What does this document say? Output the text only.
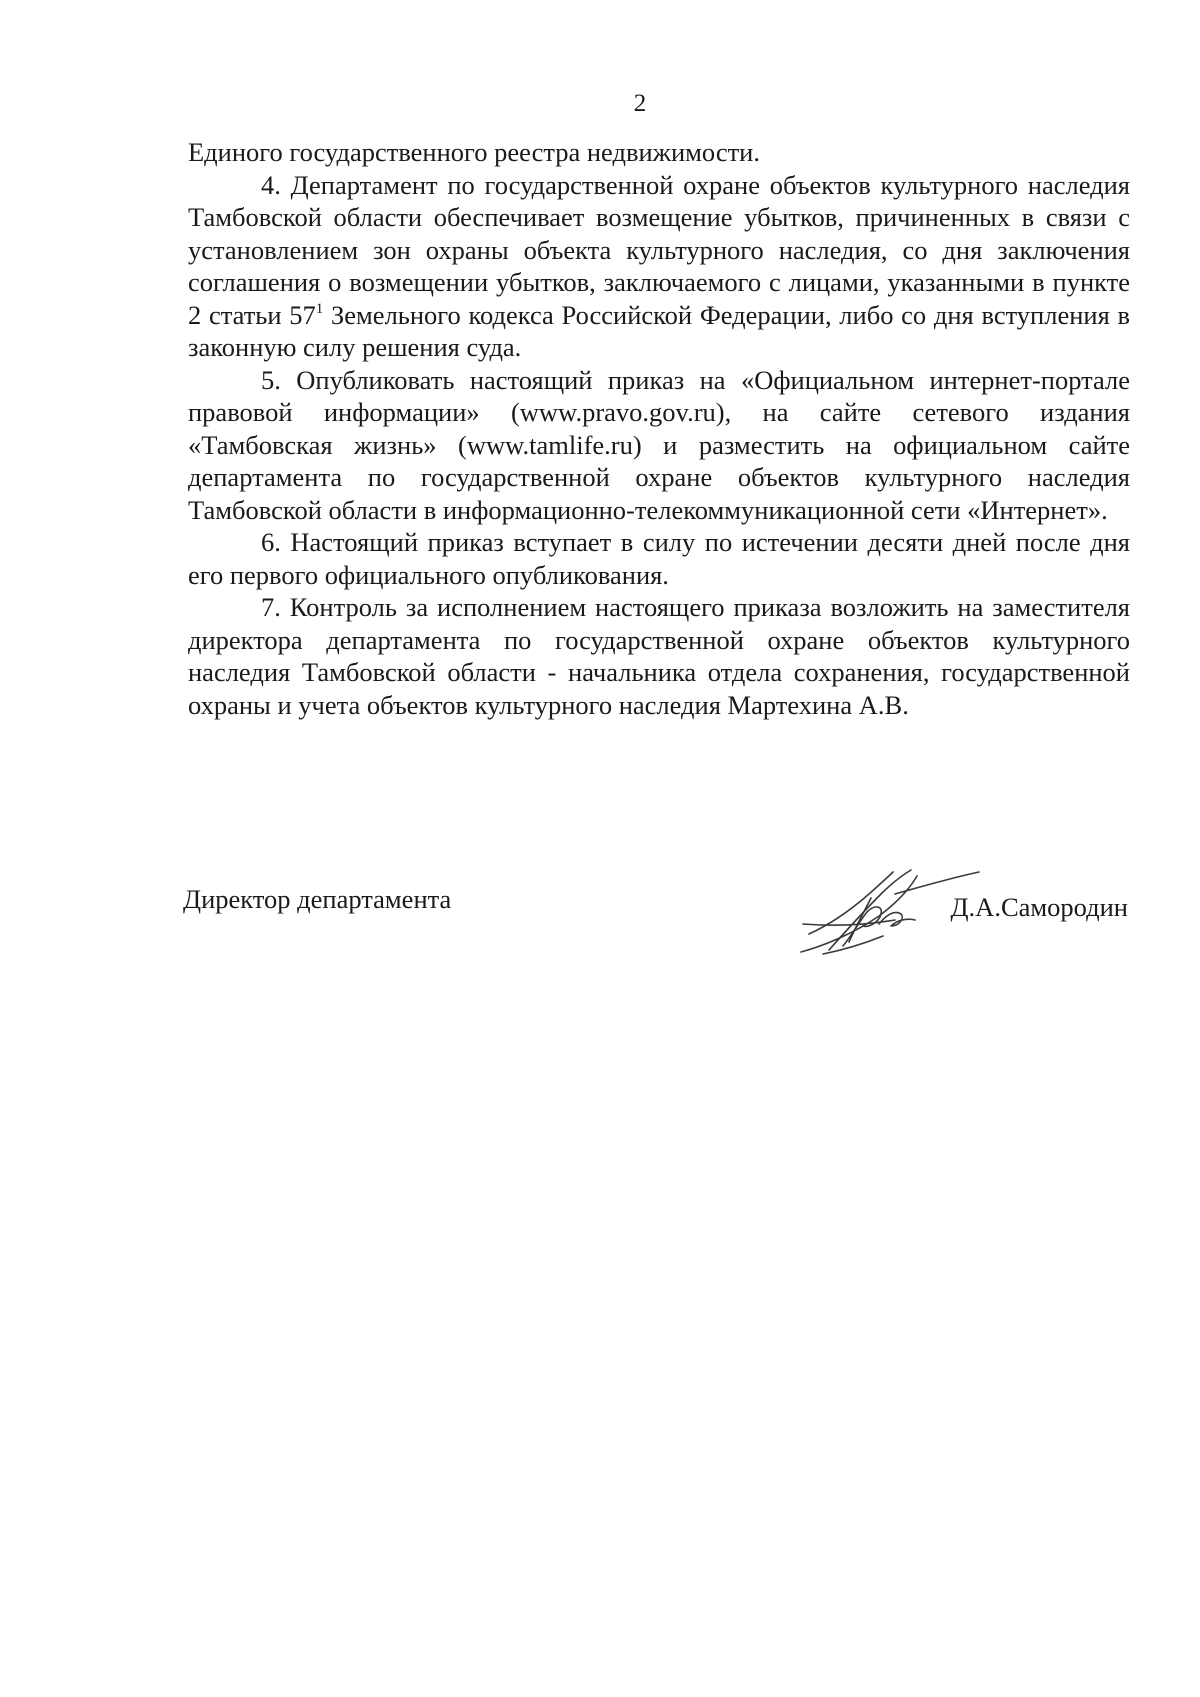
2

Единого государственного реестра недвижимости.

4. Департамент по государственной охране объектов культурного наследия Тамбовской области обеспечивает возмещение убытков, причиненных в связи с установлением зон охраны объекта культурного наследия, со дня заключения соглашения о возмещении убытков, заключаемого с лицами, указанными в пункте 2 статьи $57^1$ Земельного кодекса Российской Федерации, либо со дня вступления в законную силу решения суда.

5. Опубликовать настоящий приказ на «Официальном интернет-портале правовой информации» (www.pravo.gov.ru), на сайте сетевого издания «Тамбовская жизнь» (www.tamlife.ru) и разместить на официальном сайте департамента по государственной охране объектов культурного наследия Тамбовской области в информационно-телекоммуникационной сети «Интернет».

6. Настоящий приказ вступает в силу по истечении десяти дней после дня его первого официального опубликования.

7. Контроль за исполнением настоящего приказа возложить на заместителя директора департамента по государственной охране объектов культурного наследия Тамбовской области - начальника отдела сохранения, государственной охраны и учета объектов культурного наследия Мартехина А.В.

Директор департамента	Д.А.Самородин
